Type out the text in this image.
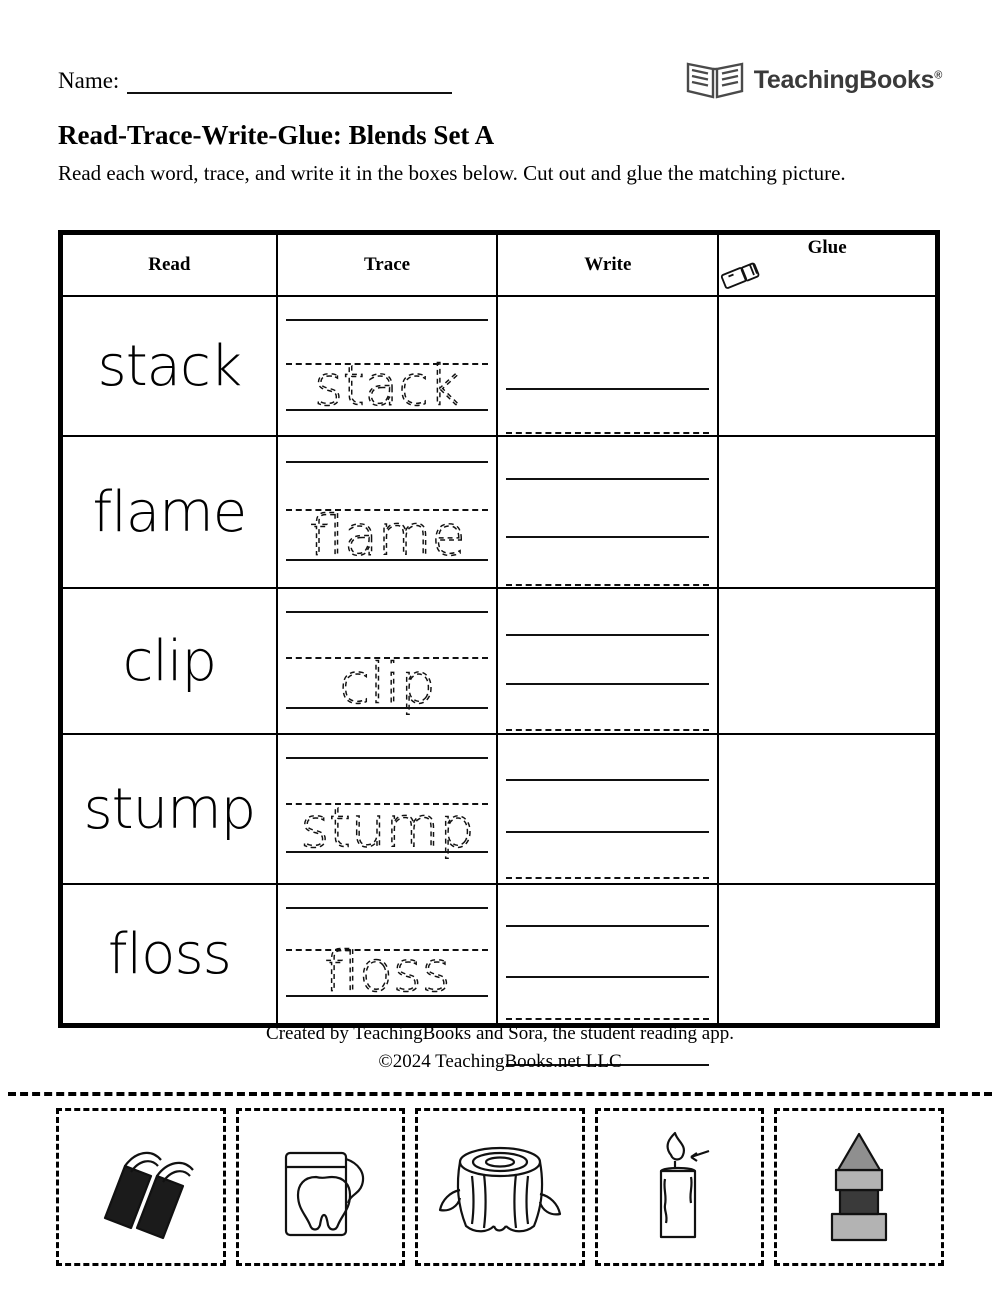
Name:	TeachingBooks®
Read-Trace-Write-Glue: Blends Set A
Read each word, trace, and write it in the boxes below. Cut out and glue the matching picture.
Read	Trace	Write	Glue

stack	stack		

flame	flame		

clip	clip		

stump	stump		

floss	floss		

Created by TeachingBooks and Sora, the student reading app.
©2024 TeachingBooks.net LLC
